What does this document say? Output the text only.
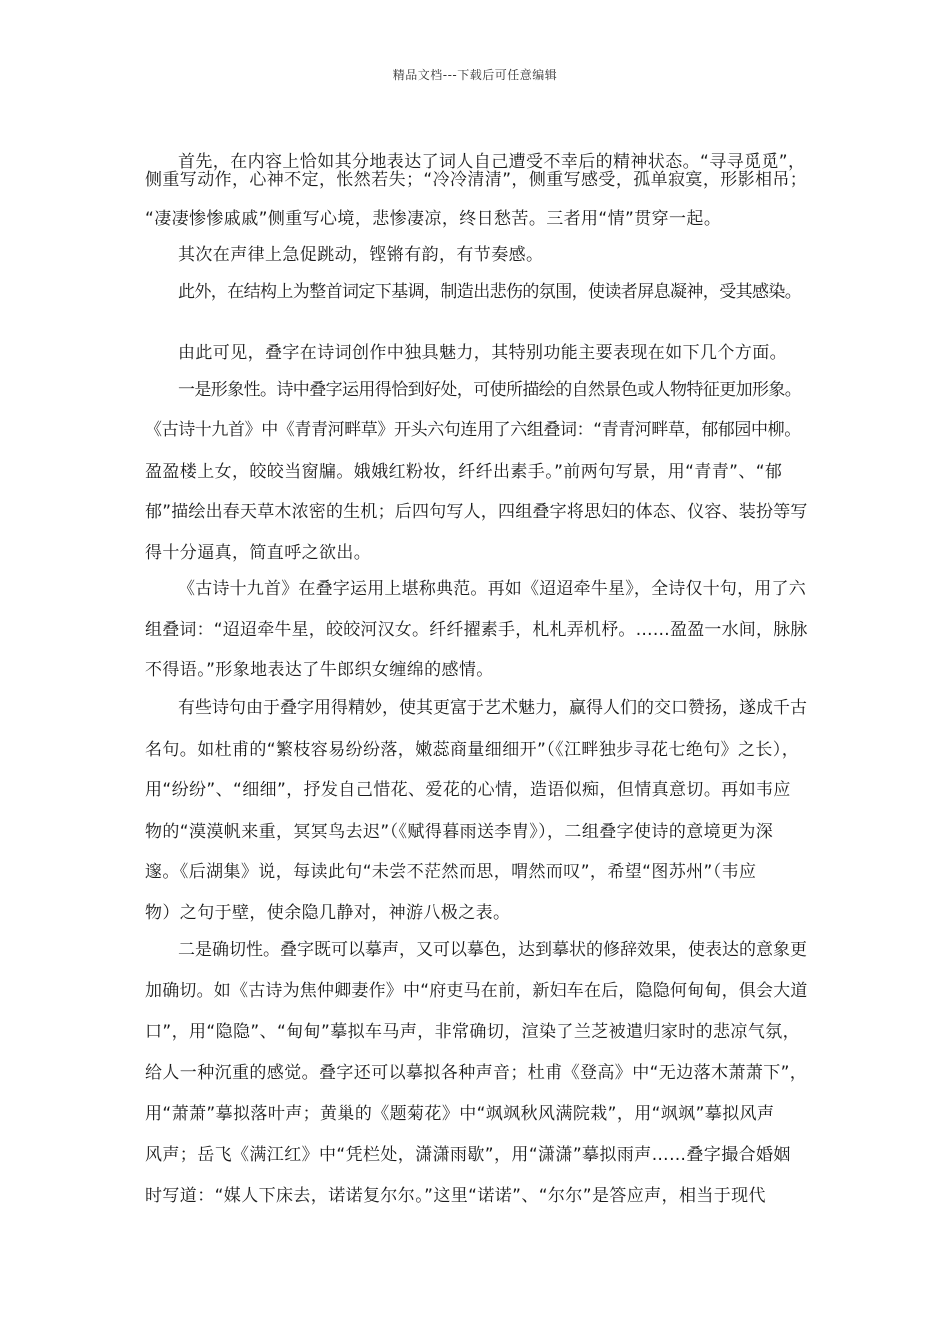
精品文档---下载后可任意编辑
首先，在内容上恰如其分地表达了词人自己遭受不幸后的精神状态。“寻寻觅觅”，
侧重写动作，心神不定，怅然若失；“冷冷清清”，侧重写感受，孤单寂寞，形影相吊；
“凄凄惨惨戚戚”侧重写心境，悲惨凄凉，终日愁苦。三者用“情”贯穿一起。
其次在声律上急促跳动，铿锵有韵，有节奏感。
此外，在结构上为整首词定下基调，制造出悲伤的氛围，使读者屏息凝神，受其感染。
由此可见，叠字在诗词创作中独具魅力，其特别功能主要表现在如下几个方面。
一是形象性。诗中叠字运用得恰到好处，可使所描绘的自然景色或人物特征更加形象。
《古诗十九首》中《青青河畔草》开头六句连用了六组叠词：“青青河畔草，郁郁园中柳。
盈盈楼上女，皎皎当窗牖。娥娥红粉妆，纤纤出素手。”前两句写景，用“青青”、“郁
郁”描绘出春天草木浓密的生机；后四句写人，四组叠字将思妇的体态、仪容、装扮等写
得十分逼真，简直呼之欲出。
《古诗十九首》在叠字运用上堪称典范。再如《迢迢牵牛星》，全诗仅十句，用了六
组叠词：“迢迢牵牛星，皎皎河汉女。纤纤擢素手，札札弄机杼。……盈盈一水间，脉脉
不得语。”形象地表达了牛郎织女缠绵的感情。
有些诗句由于叠字用得精妙，使其更富于艺术魅力，赢得人们的交口赞扬，遂成千古
名句。如杜甫的“繁枝容易纷纷落，嫩蕊商量细细开”（《江畔独步寻花七绝句》之长），
用“纷纷”、“细细”，抒发自己惜花、爱花的心情，造语似痴，但情真意切。再如韦应
物的“漠漠帆来重，冥冥鸟去迟”（《赋得暮雨送李胄》），二组叠字使诗的意境更为深
邃。《后湖集》说，每读此句“未尝不茫然而思，喟然而叹”，希望“图苏州”（韦应
物）之句于壁，使余隐几静对，神游八极之表。
二是确切性。叠字既可以摹声，又可以摹色，达到摹状的修辞效果，使表达的意象更
加确切。如《古诗为焦仲卿妻作》中“府吏马在前，新妇车在后，隐隐何甸甸，俱会大道
口”，用“隐隐”、“甸甸”摹拟车马声，非常确切，渲染了兰芝被遣归家时的悲凉气氛，
给人一种沉重的感觉。叠字还可以摹拟各种声音；杜甫《登高》中“无边落木萧萧下”，
用“萧萧”摹拟落叶声；黄巢的《题菊花》中“飒飒秋风满院栽”，用“飒飒”摹拟风声
风声；岳飞《满江红》中“凭栏处，潇潇雨歇”，用“潇潇”摹拟雨声……叠字撮合婚姻
时写道：“媒人下床去，诺诺复尔尔。”这里“诺诺”、“尔尔”是答应声，相当于现代
